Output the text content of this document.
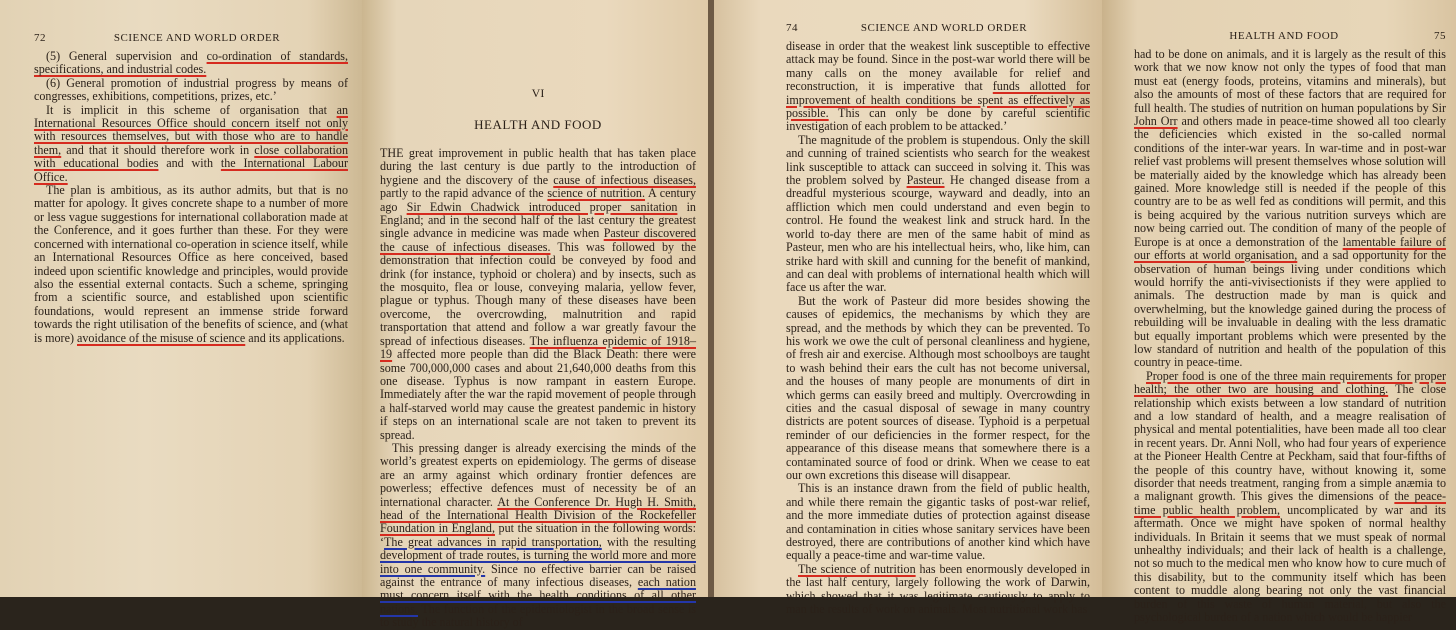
72	SCIENCE AND WORLD ORDER

(5) General supervision and co-ordination of standards, specifications, and industrial codes.

(6) General promotion of industrial progress by means of congresses, exhibitions, competitions, prizes, etc.’

It is implicit in this scheme of organisation that an International Resources Office should concern itself not only with resources themselves, but with those who are to handle them, and that it should therefore work in close collaboration with educational bodies and with the International Labour Office.

The plan is ambitious, as its author admits, but that is no matter for apology. It gives concrete shape to a number of more or less vague suggestions for international collaboration made at the Conference, and it goes further than these. For they were concerned with international co-operation in science itself, while an International Resources Office as here conceived, based indeed upon scientific knowledge and principles, would provide also the essential external contacts. Such a scheme, springing from a scientific source, and established upon scientific foundations, would represent an immense stride forward towards the right utilisation of the benefits of science, and (what is more) avoidance of the misuse of science and its applications.

VI
HEALTH AND FOOD

THE great improvement in public health that has taken place during the last century is due partly to the introduction of hygiene and the discovery of the cause of infectious diseases, partly to the rapid advance of the science of nutrition. A century ago Sir Edwin Chadwick introduced proper sanitation in England; and in the second half of the last century the greatest single advance in medicine was made when Pasteur discovered the cause of infectious diseases. This was followed by the demonstration that infection could be conveyed by food and drink (for instance, typhoid or cholera) and by insects, such as the mosquito, flea or louse, conveying malaria, yellow fever, plague or typhus. Though many of these diseases have been overcome, the overcrowding, malnutrition and rapid transportation that attend and follow a war greatly favour the spread of infectious diseases. The influenza epidemic of 1918–19 affected more people than did the Black Death: there were some 700,000,000 cases and about 21,640,000 deaths from this one disease. Typhus is now rampant in eastern Europe. Immediately after the war the rapid movement of people through a half-starved world may cause the greatest pandemic in history if steps on an international scale are not taken to prevent its spread.

This pressing danger is already exercising the minds of the world’s greatest experts on epidemiology. The germs of disease are an army against which ordinary frontier defences are powerless; effective defences must of necessity be of an international character. At the Conference Dr. Hugh H. Smith, head of the International Health Division of the Rockefeller Foundation in England, put the situation in the following words: ‘The great advances in rapid transportation, with the resulting development of trade routes, is turning the world more and more into one community. Since no effective barrier can be raised against the entrance of many infectious diseases, each nation must concern itself with the health conditions of all other nations. The function of the epidemiologist in the broad sense is to study the natural history of

74	SCIENCE AND WORLD ORDER

disease in order that the weakest link susceptible to effective attack may be found. Since in the post-war world there will be many calls on the money available for relief and reconstruction, it is imperative that funds allotted for improvement of health conditions be spent as effectively as possible. This can only be done by careful scientific investigation of each problem to be attacked.’

The magnitude of the problem is stupendous. Only the skill and cunning of trained scientists who search for the weakest link susceptible to attack can succeed in solving it. This was the problem solved by Pasteur. He changed disease from a dreadful mysterious scourge, wayward and deadly, into an affliction which men could understand and even begin to control. He found the weakest link and struck hard. In the world to-day there are men of the same habit of mind as Pasteur, men who are his intellectual heirs, who, like him, can strike hard with skill and cunning for the benefit of mankind, and can deal with problems of international health which will face us after the war.

But the work of Pasteur did more besides showing the causes of epidemics, the mechanisms by which they are spread, and the methods by which they can be prevented. To his work we owe the cult of personal cleanliness and hygiene, of fresh air and exercise. Although most schoolboys are taught to wash behind their ears the cult has not become universal, and the houses of many people are monuments of dirt in which germs can easily breed and multiply. Overcrowding in cities and the casual disposal of sewage in many country districts are potent sources of disease. Typhoid is a perpetual reminder of our deficiencies in the former respect, for the appearance of this disease means that somewhere there is a contaminated source of food or drink. When we cease to eat our own excretions this disease will disappear.

This is an instance drawn from the field of public health, and while there remain the gigantic tasks of post-war relief, and the more immediate duties of protection against disease and contamination in cities whose sanitary services have been destroyed, there are contributions of another kind which have equally a peace-time and war-time value.

The science of nutrition has been enormously developed in the last half century, largely following the work of Darwin, which showed that it was legitimate cautiously to apply to man the results of work on animals. Most nutritional work has

HEALTH AND FOOD	75

had to be done on animals, and it is largely as the result of this work that we now know not only the types of food that man must eat (energy foods, proteins, vitamins and minerals), but also the amounts of most of these factors that are required for full health. The studies of nutrition on human populations by Sir John Orr and others made in peace-time showed all too clearly the deficiencies which existed in the so-called normal conditions of the inter-war years. In war-time and in post-war relief vast problems will present themselves whose solution will be materially aided by the knowledge which has already been gained. More knowledge still is needed if the people of this country are to be as well fed as conditions will permit, and this is being acquired by the various nutrition surveys which are now being carried out. The condition of many of the people of Europe is at once a demonstration of the lamentable failure of our efforts at world organisation, and a sad opportunity for the observation of human beings living under conditions which would horrify the anti-vivisectionists if they were applied to animals. The destruction made by man is quick and overwhelming, but the knowledge gained during the process of rebuilding will be invaluable in dealing with the less dramatic but equally important problems which were presented by the low standard of nutrition and health of the population of this country in peace-time.

Proper food is one of the three main requirements for proper health; the other two are housing and clothing. The close relationship which exists between a low standard of nutrition and a low standard of health, and a meagre realisation of physical and mental potentialities, have been made all too clear in recent years. Dr. Anni Noll, who had four years of experience at the Pioneer Health Centre at Peckham, said that four-fifths of the people of this country have, without knowing it, some disorder that needs treatment, ranging from a simple anæmia to a malignant growth. This gives the dimensions of the peace-time public health problem, uncomplicated by war and its aftermath. Once we might have spoken of normal healthy individuals. In Britain it seems that we must speak of normal unhealthy individuals; and their lack of health is a challenge, not so much to the medical men who know how to cure much of this disability, but to the community itself which has been content to muddle along bearing not only the vast financial burden of this waste of human material, but also the psychological burden of a nation which would be happier
